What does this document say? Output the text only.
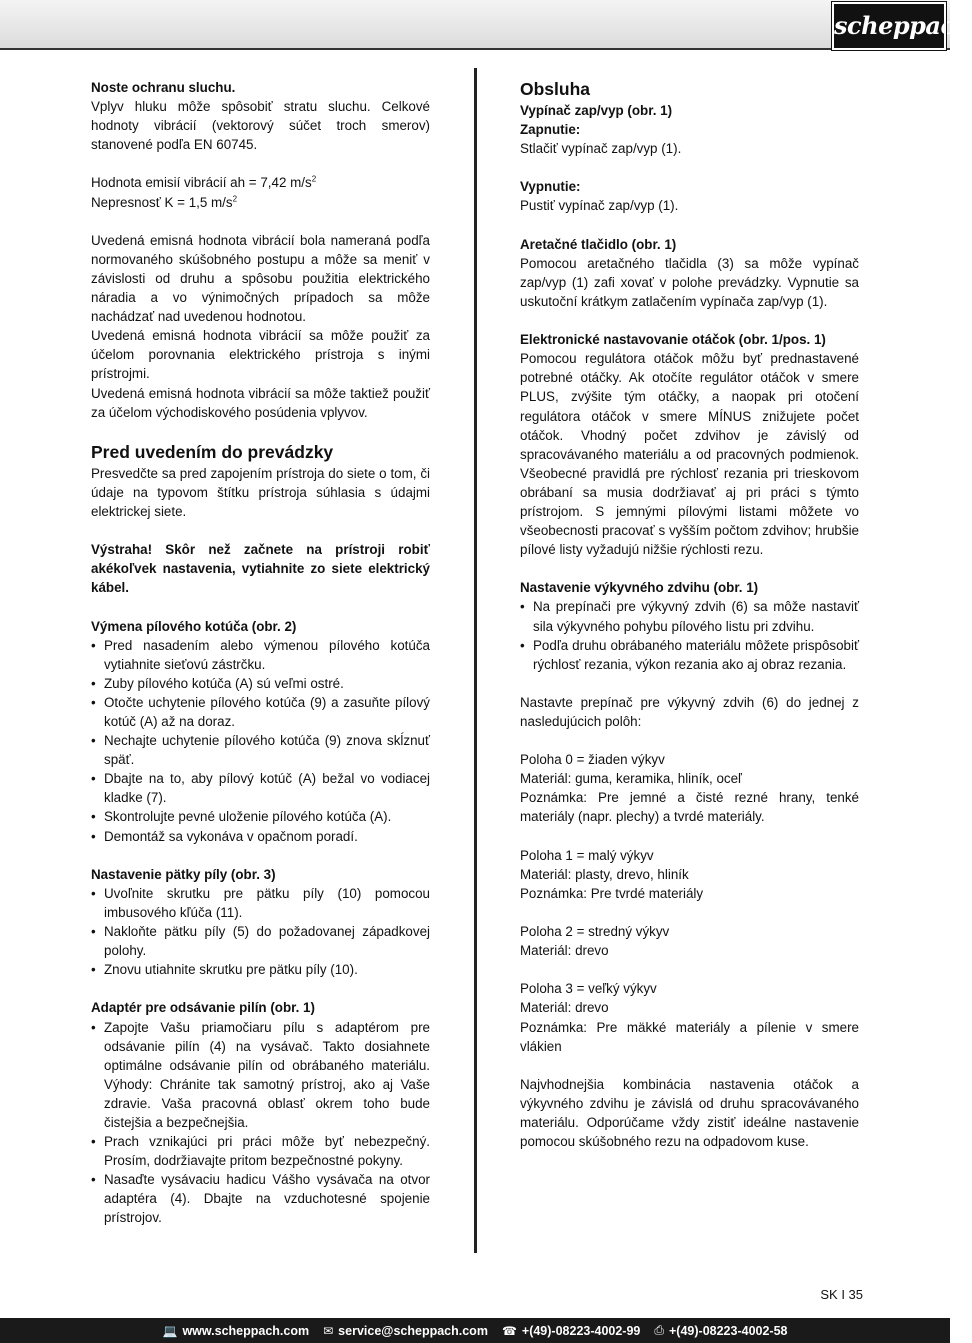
scheppach

Noste ochranu sluchu.

Vplyv hluku môže spôsobiť stratu sluchu. Celkové hodnoty vibrácií (vektorový súčet troch smerov) stanovené podľa EN 60745.

Hodnota emisií vibrácií ah = 7,42 $m/s^2$

Nepresnosť K = 1,5 $m/s^2$

Uvedená emisná hodnota vibrácií bola nameraná podľa normovaného skúšobného postupu a môže sa meniť v závislosti od druhu a spôsobu použitia elektrického náradia a vo výnimočných prípadoch sa môže nachádzať nad uvedenou hodnotou.

Uvedená emisná hodnota vibrácií sa môže použiť za účelom porovnania elektrického prístroja s inými prístrojmi.

Uvedená emisná hodnota vibrácií sa môže taktiež použiť za účelom východiskového posúdenia vplyvov.

Pred uvedením do prevádzky

Presvedčte sa pred zapojením prístroja do siete o tom, či údaje na typovom štítku prístroja súhlasia s údajmi elektrickej siete.

Výstraha! Skôr než začnete na prístroji robiť akékoľvek nastavenia, vytiahnite zo siete elektrický kábel.

Výmena pílového kotúča (obr. 2)

• Pred nasadením alebo výmenou pílového kotúča vytiahnite sieťovú zástrčku.
• Zuby pílového kotúča (A) sú veľmi ostré.
• Otočte uchytenie pílového kotúča (9) a zasuňte pílový kotúč (A) až na doraz.
• Nechajte uchytenie pílového kotúča (9) znova skĺznuť späť.
• Dbajte na to, aby pílový kotúč (A) bežal vo vodiacej kladke (7).
• Skontrolujte pevné uloženie pílového kotúča (A).
• Demontáž sa vykonáva v opačnom poradí.

Nastavenie pätky píly (obr. 3)

• Uvoľnite skrutku pre pätku píly (10) pomocou imbusového kľúča (11).
• Nakloňte pätku píly (5) do požadovanej západkovej polohy.
• Znovu utiahnite skrutku pre pätku píly (10).

Adaptér pre odsávanie pilín (obr. 1)

• Zapojte Vašu priamočiaru pílu s adaptérom pre odsávanie pilín (4) na vysávač. Takto dosiahnete optimálne odsávanie pilín od obrábaného materiálu. Výhody: Chránite tak samotný prístroj, ako aj Vaše zdravie. Vaša pracovná oblasť okrem toho bude čistejšia a bezpečnejšia.
• Prach vznikajúci pri práci môže byť nebezpečný. Prosím, dodržiavajte pritom bezpečnostné pokyny.
• Nasaďte vysávaciu hadicu Vášho vysávača na otvor adaptéra (4). Dbajte na vzduchotesné spojenie prístrojov.
Obsluha

Vypínač zap/vyp (obr. 1)

Zapnutie:

Stlačiť vypínač zap/vyp (1).

Vypnutie:

Pustiť vypínač zap/vyp (1).

Aretačné tlačidlo (obr. 1)

Pomocou aretačného tlačidla (3) sa môže vypínač zap/vyp (1) zafi xovať v polohe prevádzky. Vypnutie sa uskutoční krátkym zatlačením vypínača zap/vyp (1).

Elektronické nastavovanie otáčok (obr. 1/pos. 1)

Pomocou regulátora otáčok môžu byť prednastavené potrebné otáčky. Ak otočíte regulátor otáčok v smere PLUS, zvýšite tým otáčky, a naopak pri otočení regulátora otáčok v smere MÍNUS znižujete počet otáčok. Vhodný počet zdvihov je závislý od spracovávaného materiálu a od pracovných podmienok. Všeobecné pravidlá pre rýchlosť rezania pri trieskovom obrábaní sa musia dodržiavať aj pri práci s týmto prístrojom. S jemnými pílovými listami môžete vo všeobecnosti pracovať s vyšším počtom zdvihov; hrubšie pílové listy vyžadujú nižšie rýchlosti rezu.

Nastavenie výkyvného zdvihu (obr. 1)

• Na prepínači pre výkyvný zdvih (6) sa môže nastaviť sila výkyvného pohybu pílového listu pri zdvihu.
• Podľa druhu obrábaného materiálu môžete prispôsobiť rýchlosť rezania, výkon rezania ako aj obraz rezania.

Nastavte prepínač pre výkyvný zdvih (6) do jednej z nasledujúcich polôh:

Poloha 0 = žiaden výkyv

Materiál: guma, keramika, hliník, oceľ

Poznámka: Pre jemné a čisté rezné hrany, tenké materiály (napr. plechy) a tvrdé materiály.

Poloha 1 = malý výkyv

Materiál: plasty, drevo, hliník

Poznámka: Pre tvrdé materiály

Poloha 2 = stredný výkyv

Materiál: drevo

Poloha 3 = veľký výkyv

Materiál: drevo

Poznámka: Pre mäkké materiály a pílenie v smere vlákien

Najvhodnejšia kombinácia nastavenia otáčok a výkyvného zdvihu je závislá od druhu spracovávaného materiálu. Odporúčame vždy zistiť ideálne nastavenie pomocou skúšobného rezu na odpadovom kuse.

SK I 35
💻 www.scheppach.com ✉ service@scheppach.com ☎ +(49)-08223-4002-99 ⎙ +(49)-08223-4002-58
